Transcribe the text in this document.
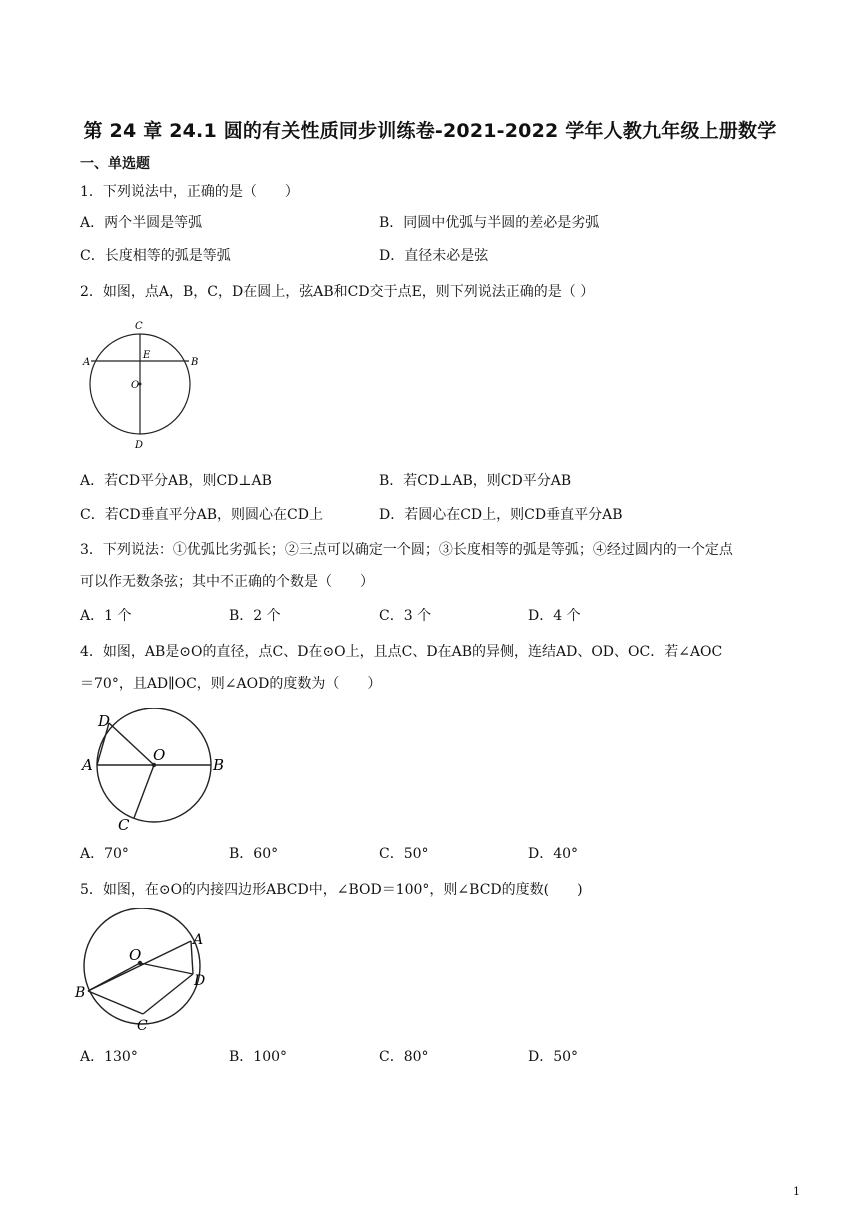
第 24 章 24.1 圆的有关性质同步训练卷-2021-2022 学年人教九年级上册数学
一、单选题
1．下列说法中，正确的是（　　）
A．两个半圆是等弧	B．同圆中优弧与半圆的差必是劣弧
C．长度相等的弧是等弧	D．直径未必是弦
2．如图，点A，B，C，D在圆上，弦AB和CD交于点E，则下列说法正确的是（ ）
C
A
E
B
O
D
A．若CD平分AB，则CD⊥AB	B．若CD⊥AB，则CD平分AB
C．若CD垂直平分AB，则圆心在CD上	D．若圆心在CD上，则CD垂直平分AB
3．下列说法：①优弧比劣弧长；②三点可以确定一个圆；③长度相等的弧是等弧；④经过圆内的一个定点
可以作无数条弦；其中不正确的个数是（　　）
A．1 个	B．2 个	C．3 个	D．4 个
4．如图，AB是⊙O的直径，点C、D在⊙O上，且点C、D在AB的异侧，连结AD、OD、OC．若∠AOC
＝70°，且AD∥OC，则∠AOD的度数为（　　）
D
A
O
B
C
A．70°	B．60°	C．50°	D．40°
5．如图，在⊙O的内接四边形ABCD中，∠BOD＝100°，则∠BCD的度数(　　)
O
A
D
B
C
A．130°	B．100°	C．80°	D．50°
1
